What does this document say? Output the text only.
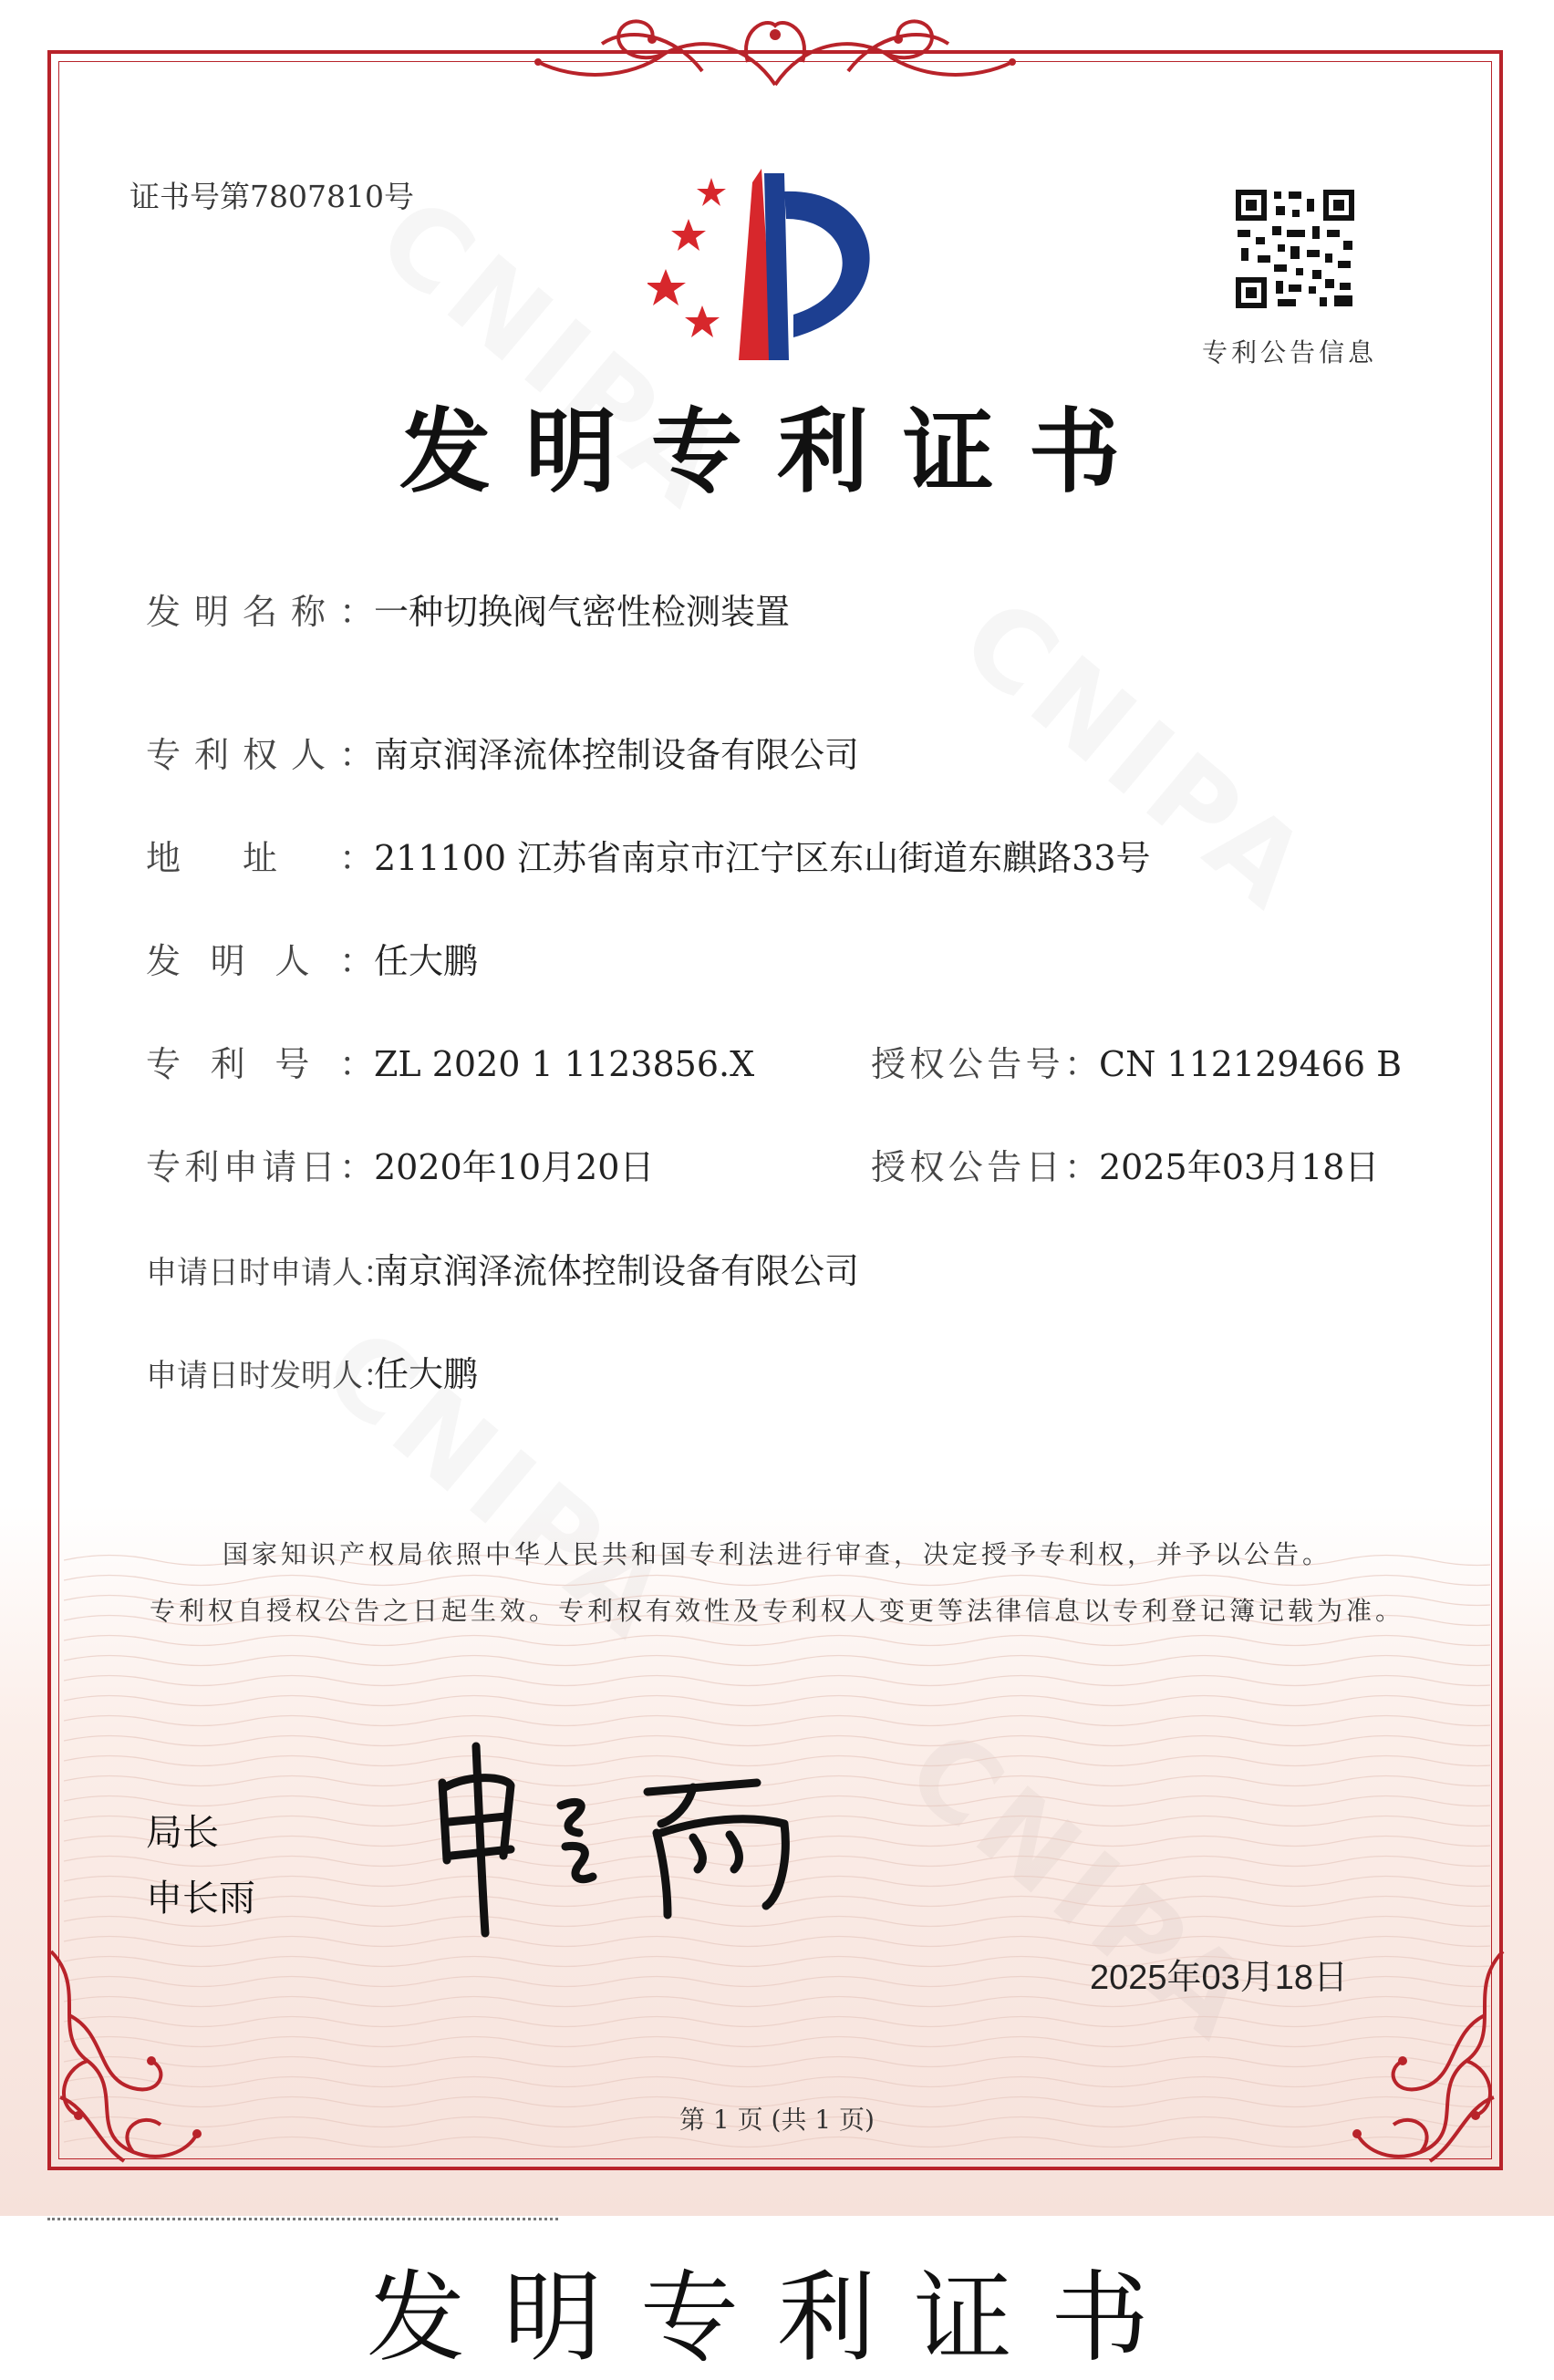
证书号第7807810号
专利公告信息
发明专利证书
发明名称：一种切换阀气密性检测装置
专利权人：南京润泽流体控制设备有限公司
地址：211100 江苏省南京市江宁区东山街道东麒路33号
发明人：任大鹏
专利号：ZL 2020 1 1123856.X	授权公告号：CN 112129466 B
专利申请日：2020年10月20日	授权公告日：2025年03月18日
申请日时申请人：南京润泽流体控制设备有限公司
申请日时发明人：任大鹏
国家知识产权局依照中华人民共和国专利法进行审查，决定授予专利权，并予以公告。
专利权自授权公告之日起生效。专利权有效性及专利权人变更等法律信息以专利登记簿记载为准。
局长
申长雨
2025年03月18日
第 1 页 (共 1 页)
发明专利证书
